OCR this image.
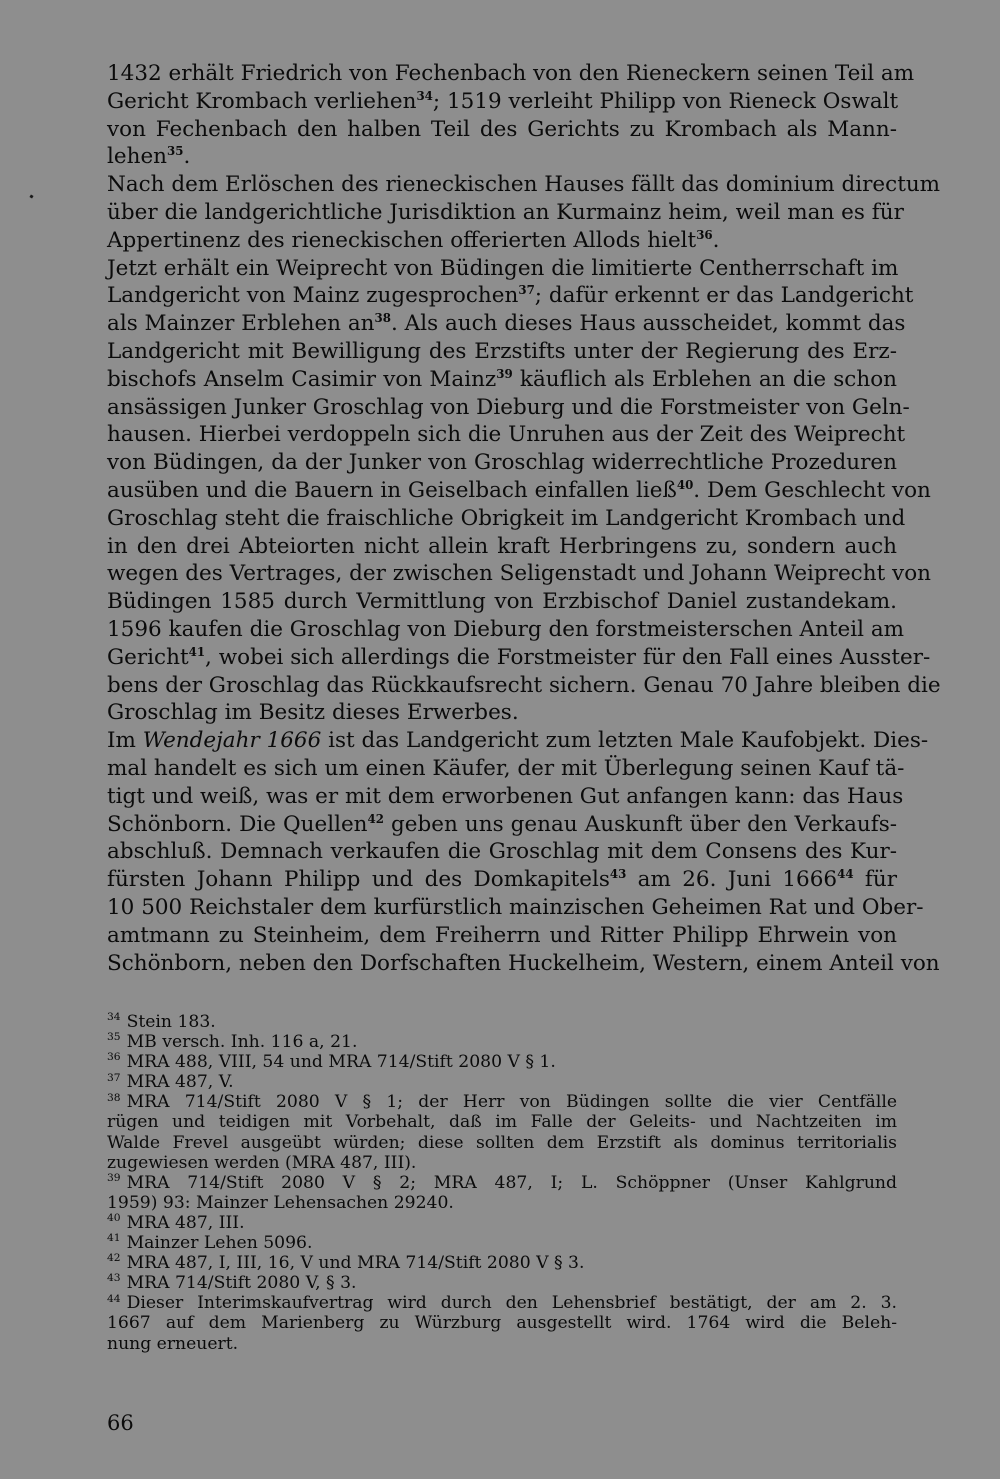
1432 erhält Friedrich von Fechenbach von den Rieneckern seinen Teil am
Gericht Krombach verliehen$^{34}$; 1519 verleiht Philipp von Rieneck Oswalt
von Fechenbach den halben Teil des Gerichts zu Krombach als Mann-
lehen$^{35}$.
Nach dem Erlöschen des rieneckischen Hauses fällt das dominium directum
über die landgerichtliche Jurisdiktion an Kurmainz heim, weil man es für
Appertinenz des rieneckischen offerierten Allods hielt$^{36}$.
Jetzt erhält ein Weiprecht von Büdingen die limitierte Centherrschaft im
Landgericht von Mainz zugesprochen$^{37}$; dafür erkennt er das Landgericht
als Mainzer Erblehen $an^{38}$. Als auch dieses Haus ausscheidet, kommt das
Landgericht mit Bewilligung des Erzstifts unter der Regierung des Erz-
bischofs Anselm Casimir von Mainz$^{39}$ käuflich als Erblehen an die schon
ansässigen Junker Groschlag von Dieburg und die Forstmeister von Geln-
hausen. Hierbei verdoppeln sich die Unruhen aus der Zeit des Weiprecht
von Büdingen, da der Junker von Groschlag widerrechtliche Prozeduren
ausüben und die Bauern in Geiselbach einfallen ließ$^{40}$. Dem Geschlecht von
Groschlag steht die fraischliche Obrigkeit im Landgericht Krombach und
in den drei Abteiorten nicht allein kraft Herbringens zu, sondern auch
wegen des Vertrages, der zwischen Seligenstadt und Johann Weiprecht von
Büdingen 1585 durch Vermittlung von Erzbischof Daniel zustandekam.
1596 kaufen die Groschlag von Dieburg den forstmeisterschen Anteil am
Gericht$^{41}$, wobei sich allerdings die Forstmeister für den Fall eines Ausster-
bens der Groschlag das Rückkaufsrecht sichern. Genau 70 Jahre bleiben die
Groschlag im Besitz dieses Erwerbes.
Im Wendejahr 1666 ist das Landgericht zum letzten Male Kaufobjekt. Dies-
mal handelt es sich um einen Käufer, der mit Überlegung seinen Kauf tä-
tigt und weiß, was er mit dem erworbenen Gut anfangen kann: das Haus
Schönborn. Die Quellen$^{42}$ geben uns genau Auskunft über den Verkaufs-
abschluß. Demnach verkaufen die Groschlag mit dem Consens des Kur-
fürsten Johann Philipp und des Domkapitels$^{43}$ am 26. Juni 1666$^{44}$ für
10 500 Reichstaler dem kurfürstlich mainzischen Geheimen Rat und Ober-
amtmann zu Steinheim, dem Freiherrn und Ritter Philipp Ehrwein von
Schönborn, neben den Dorfschaften Huckelheim, Western, einem Anteil von
$^{34}$ Stein 183.
$^{35}$ MB versch. Inh. 116 a, 21.
$^{36}$ MRA 488, VIII, 54 und MRA 714/Stift 2080 V § 1.
$^{37}$ MRA 487, V.
$^{38}$ MRA 714/Stift 2080 V § 1; der Herr von Büdingen sollte die vier Centfälle
rügen und teidigen mit Vorbehalt, daß im Falle der Geleits- und Nachtzeiten im
Walde Frevel ausgeübt würden; diese sollten dem Erzstift als dominus territorialis
zugewiesen werden (MRA 487, III).
$^{39}$ MRA 714/Stift 2080 V § 2; MRA 487, I; L. Schöppner (Unser Kahlgrund
1959) 93: Mainzer Lehensachen 29240.
$^{40}$ MRA 487, III.
$^{41}$ Mainzer Lehen 5096.
$^{42}$ MRA 487, I, III, 16, V und MRA 714/Stift 2080 V § 3.
$^{43}$ MRA 714/Stift 2080 V, § 3.
$^{44}$ Dieser Interimskaufvertrag wird durch den Lehensbrief bestätigt, der am 2. 3.
1667 auf dem Marienberg zu Würzburg ausgestellt wird. 1764 wird die Beleh-
nung erneuert.
66
